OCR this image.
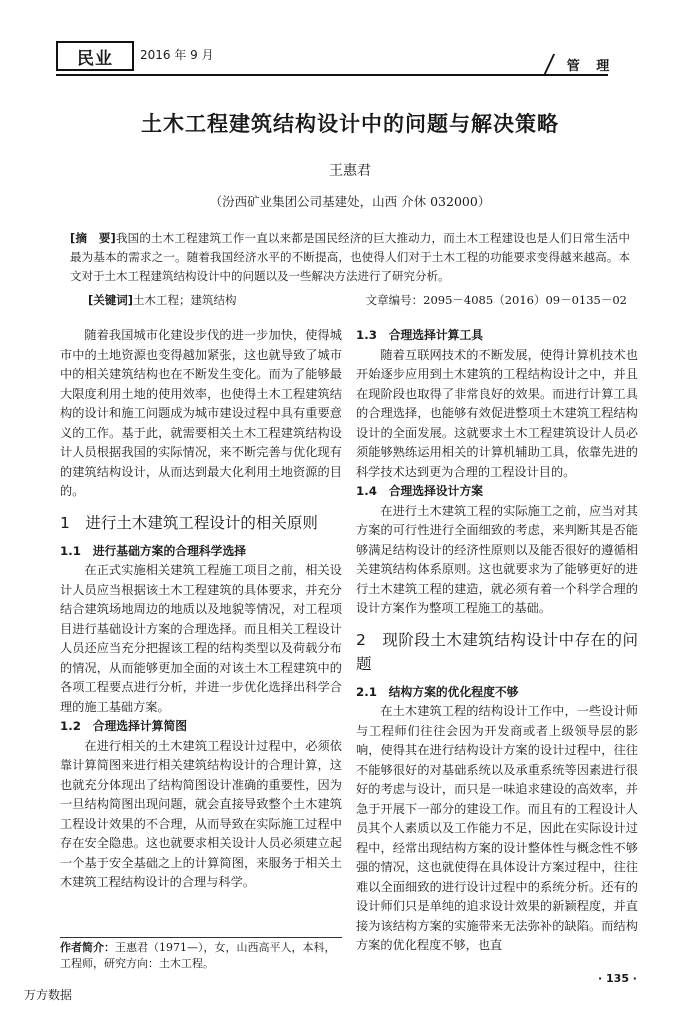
民业	2016 年 9 月
管 理
土木工程建筑结构设计中的问题与解决策略
王惠君
（汾西矿业集团公司基建处，山西 介休 032000）
[摘　要]我国的土木工程建筑工作一直以来都是国民经济的巨大推动力，而土木工程建设也是人们日常生活中最为基本的需求之一。随着我国经济水平的不断提高，也使得人们对于土木工程的功能要求变得越来越高。本文对于土木工程建筑结构设计中的问题以及一些解决方法进行了研究分析。
[关键词]土木工程；建筑结构	文章编号：2095－4085（2016）09－0135－02

随着我国城市化建设步伐的进一步加快，使得城市中的土地资源也变得越加紧张，这也就导致了城市中的相关建筑结构也在不断发生变化。而为了能够最大限度利用土地的使用效率，也使得土木工程建筑结构的设计和施工问题成为城市建设过程中具有重要意义的工作。基于此，就需要相关土木工程建筑结构设计人员根据我国的实际情况，来不断完善与优化现有的建筑结构设计，从而达到最大化利用土地资源的目的。

1　进行土木建筑工程设计的相关原则
1.1　进行基础方案的合理科学选择

在正式实施相关建筑工程施工项目之前，相关设计人员应当根据该土木工程建筑的具体要求，并充分结合建筑场地周边的地质以及地貌等情况，对工程项目进行基础设计方案的合理选择。而且相关工程设计人员还应当充分把握该工程的结构类型以及荷载分布的情况，从而能够更加全面的对该土木工程建筑中的各项工程要点进行分析，并进一步优化选择出科学合理的施工基础方案。

1.2　合理选择计算简图

在进行相关的土木建筑工程设计过程中，必须依靠计算简图来进行相关建筑结构设计的合理计算，这也就充分体现出了结构简图设计准确的重要性，因为一旦结构简图出现问题，就会直接导致整个土木建筑工程设计效果的不合理，从而导致在实际施工过程中存在安全隐患。这也就要求相关设计人员必须建立起一个基于安全基础之上的计算简图，来服务于相关土木建筑工程结构设计的合理与科学。

1.3　合理选择计算工具

随着互联网技术的不断发展，使得计算机技术也开始逐步应用到土木建筑的工程结构设计之中，并且在现阶段也取得了非常良好的效果。而进行计算工具的合理选择，也能够有效促进整项土木建筑工程结构设计的全面发展。这就要求土木工程建筑设计人员必须能够熟练运用相关的计算机辅助工具，依靠先进的科学技术达到更为合理的工程设计目的。

1.4　合理选择设计方案

在进行土木建筑工程的实际施工之前，应当对其方案的可行性进行全面细致的考虑，来判断其是否能够满足结构设计的经济性原则以及能否很好的遵循相关建筑结构体系原则。这也就要求为了能够更好的进行土木建筑工程的建造，就必须有着一个科学合理的设计方案作为整项工程施工的基础。

2　现阶段土木建筑结构设计中存在的问题
2.1　结构方案的优化程度不够

在土木建筑工程的结构设计工作中，一些设计师与工程师们往往会因为开发商或者上级领导层的影响，使得其在进行结构设计方案的设计过程中，往往不能够很好的对基础系统以及承重系统等因素进行很好的考虑与设计，而只是一味追求建设的高效率，并急于开展下一部分的建设工作。而且有的工程设计人员其个人素质以及工作能力不足，因此在实际设计过程中，经常出现结构方案的设计整体性与概念性不够强的情况，这也就使得在具体设计方案过程中，往往难以全面细致的进行设计过程中的系统分析。还有的设计师们只是单纯的追求设计效果的新颖程度，并直接为该结构方案的实施带来无法弥补的缺陷。而结构方案的优化程度不够，也直

作者简介：王惠君（1971—），女，山西高平人，本科，工程师，研究方向：土木工程。
· 135 ·
万方数据
